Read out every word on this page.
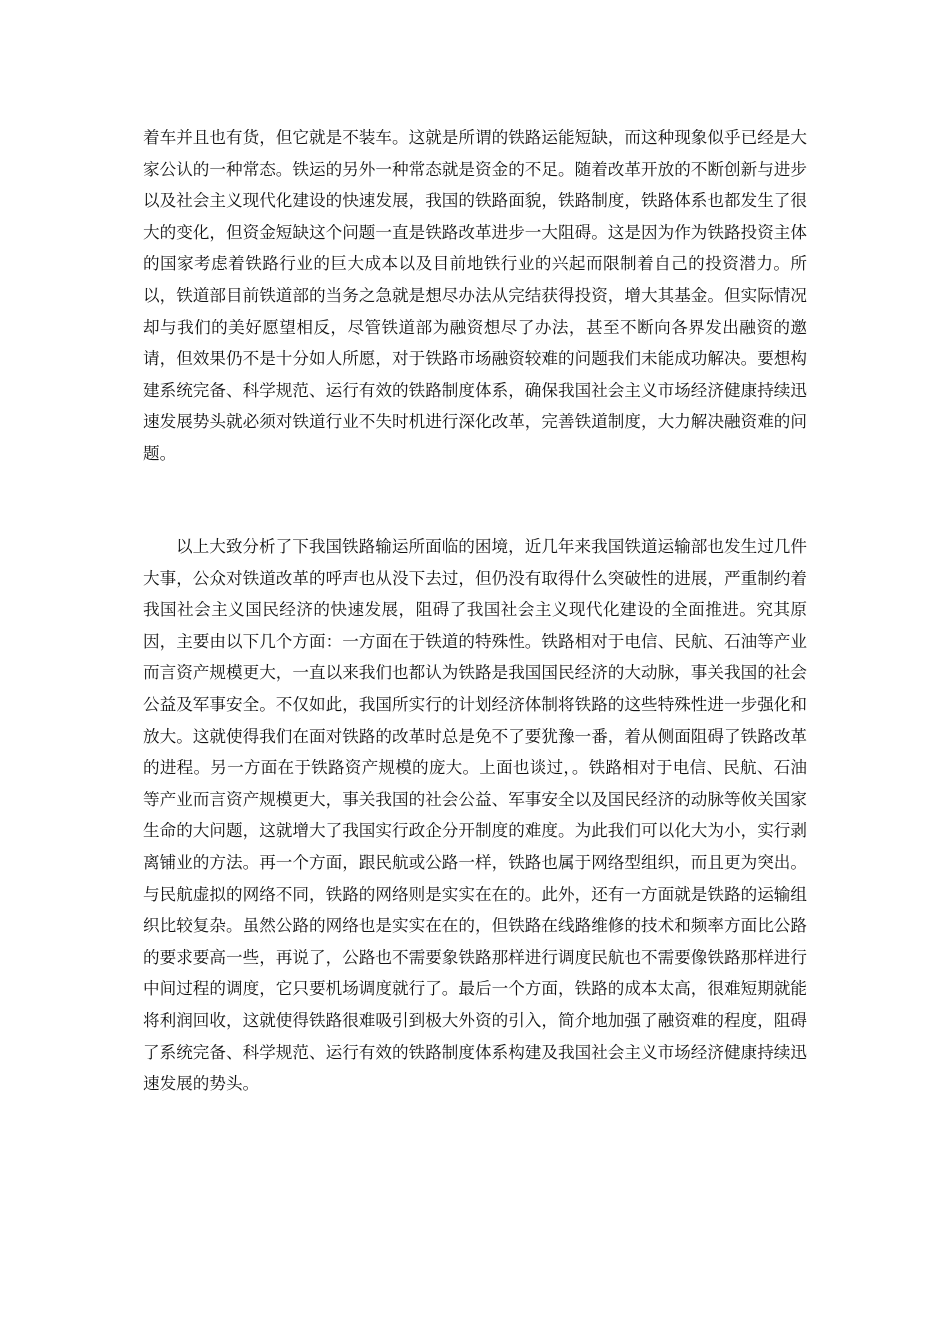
着车并且也有货，但它就是不装车。这就是所谓的铁路运能短缺，而这种现象似乎已经是大家公认的一种常态。铁运的另外一种常态就是资金的不足。随着改革开放的不断创新与进步以及社会主义现代化建设的快速发展，我国的铁路面貌，铁路制度，铁路体系也都发生了很大的变化，但资金短缺这个问题一直是铁路改革进步一大阻碍。这是因为作为铁路投资主体的国家考虑着铁路行业的巨大成本以及目前地铁行业的兴起而限制着自己的投资潜力。所以，铁道部目前铁道部的当务之急就是想尽办法从完结获得投资，增大其基金。但实际情况却与我们的美好愿望相反，尽管铁道部为融资想尽了办法，甚至不断向各界发出融资的邀请，但效果仍不是十分如人所愿，对于铁路市场融资较难的问题我们未能成功解决。要想构建系统完备、科学规范、运行有效的铁路制度体系，确保我国社会主义市场经济健康持续迅速发展势头就必须对铁道行业不失时机进行深化改革，完善铁道制度，大力解决融资难的问题。

以上大致分析了下我国铁路输运所面临的困境，近几年来我国铁道运输部也发生过几件大事，公众对铁道改革的呼声也从没下去过，但仍没有取得什么突破性的进展，严重制约着我国社会主义国民经济的快速发展，阻碍了我国社会主义现代化建设的全面推进。究其原因，主要由以下几个方面：一方面在于铁道的特殊性。铁路相对于电信、民航、石油等产业而言资产规模更大，一直以来我们也都认为铁路是我国国民经济的大动脉，事关我国的社会公益及军事安全。不仅如此，我国所实行的计划经济体制将铁路的这些特殊性进一步强化和放大。这就使得我们在面对铁路的改革时总是免不了要犹豫一番，着从侧面阻碍了铁路改革的进程。另一方面在于铁路资产规模的庞大。上面也谈过，。铁路相对于电信、民航、石油等产业而言资产规模更大，事关我国的社会公益、军事安全以及国民经济的动脉等攸关国家生命的大问题，这就增大了我国实行政企分开制度的难度。为此我们可以化大为小，实行剥离铺业的方法。再一个方面，跟民航或公路一样，铁路也属于网络型组织，而且更为突出。与民航虚拟的网络不同，铁路的网络则是实实在在的。此外，还有一方面就是铁路的运输组织比较复杂。虽然公路的网络也是实实在在的，但铁路在线路维修的技术和频率方面比公路的要求要高一些，再说了，公路也不需要象铁路那样进行调度民航也不需要像铁路那样进行中间过程的调度，它只要机场调度就行了。最后一个方面，铁路的成本太高，很难短期就能将利润回收，这就使得铁路很难吸引到极大外资的引入，简介地加强了融资难的程度，阻碍了系统完备、科学规范、运行有效的铁路制度体系构建及我国社会主义市场经济健康持续迅速发展的势头。
